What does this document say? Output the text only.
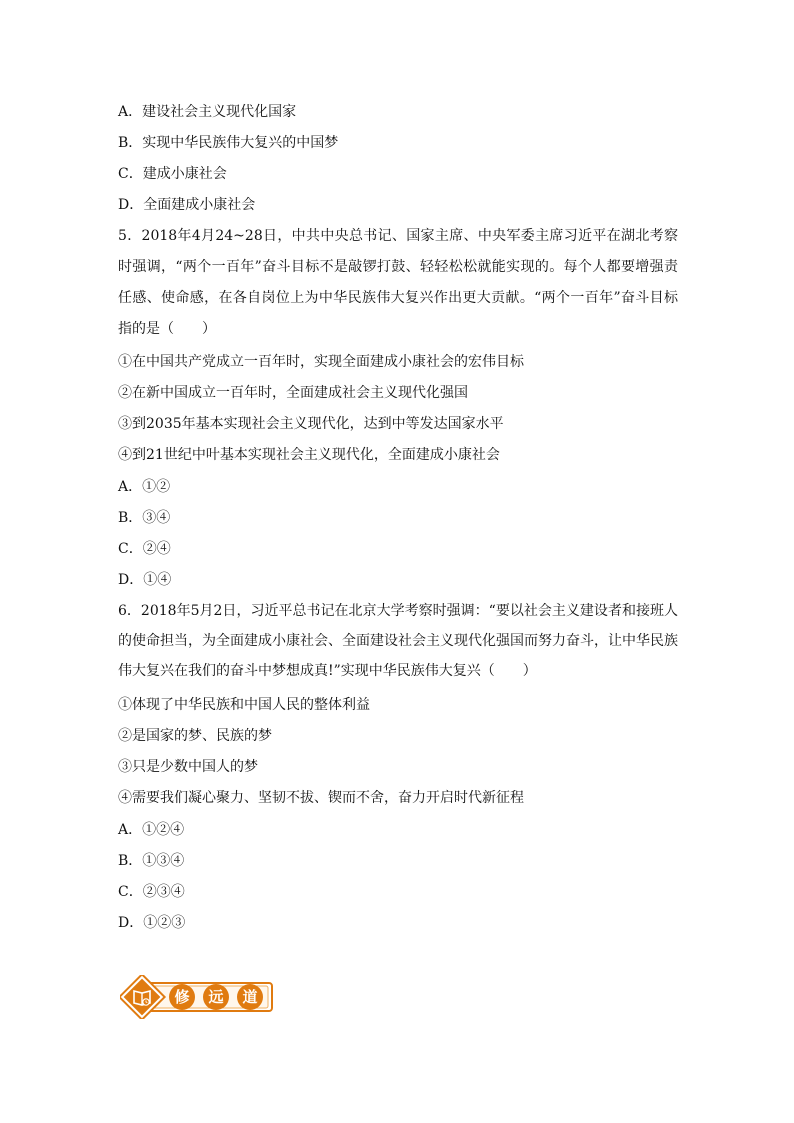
A．建设社会主义现代化国家
B．实现中华民族伟大复兴的中国梦
C．建成小康社会
D．全面建成小康社会
5．2018年4月24~28日，中共中央总书记、国家主席、中央军委主席习近平在湖北考察时强调，“两个一百年”奋斗目标不是敲锣打鼓、轻轻松松就能实现的。每个人都要增强责任感、使命感，在各自岗位上为中华民族伟大复兴作出更大贡献。“两个一百年”奋斗目标指的是（　　）
①在中国共产党成立一百年时，实现全面建成小康社会的宏伟目标
②在新中国成立一百年时，全面建成社会主义现代化强国
③到2035年基本实现社会主义现代化，达到中等发达国家水平
④到21世纪中叶基本实现社会主义现代化，全面建成小康社会
A．①②
B．③④
C．②④
D．①④
6．2018年5月2日，习近平总书记在北京大学考察时强调：“要以社会主义建设者和接班人的使命担当，为全面建成小康社会、全面建设社会主义现代化强国而努力奋斗，让中华民族伟大复兴在我们的奋斗中梦想成真!”实现中华民族伟大复兴（　　）
①体现了中华民族和中国人民的整体利益
②是国家的梦、民族的梦
③只是少数中国人的梦
④需要我们凝心聚力、坚韧不拔、锲而不舍，奋力开启时代新征程
A．①②④
B．①③④
C．②③④
D．①②③
修 远 道
